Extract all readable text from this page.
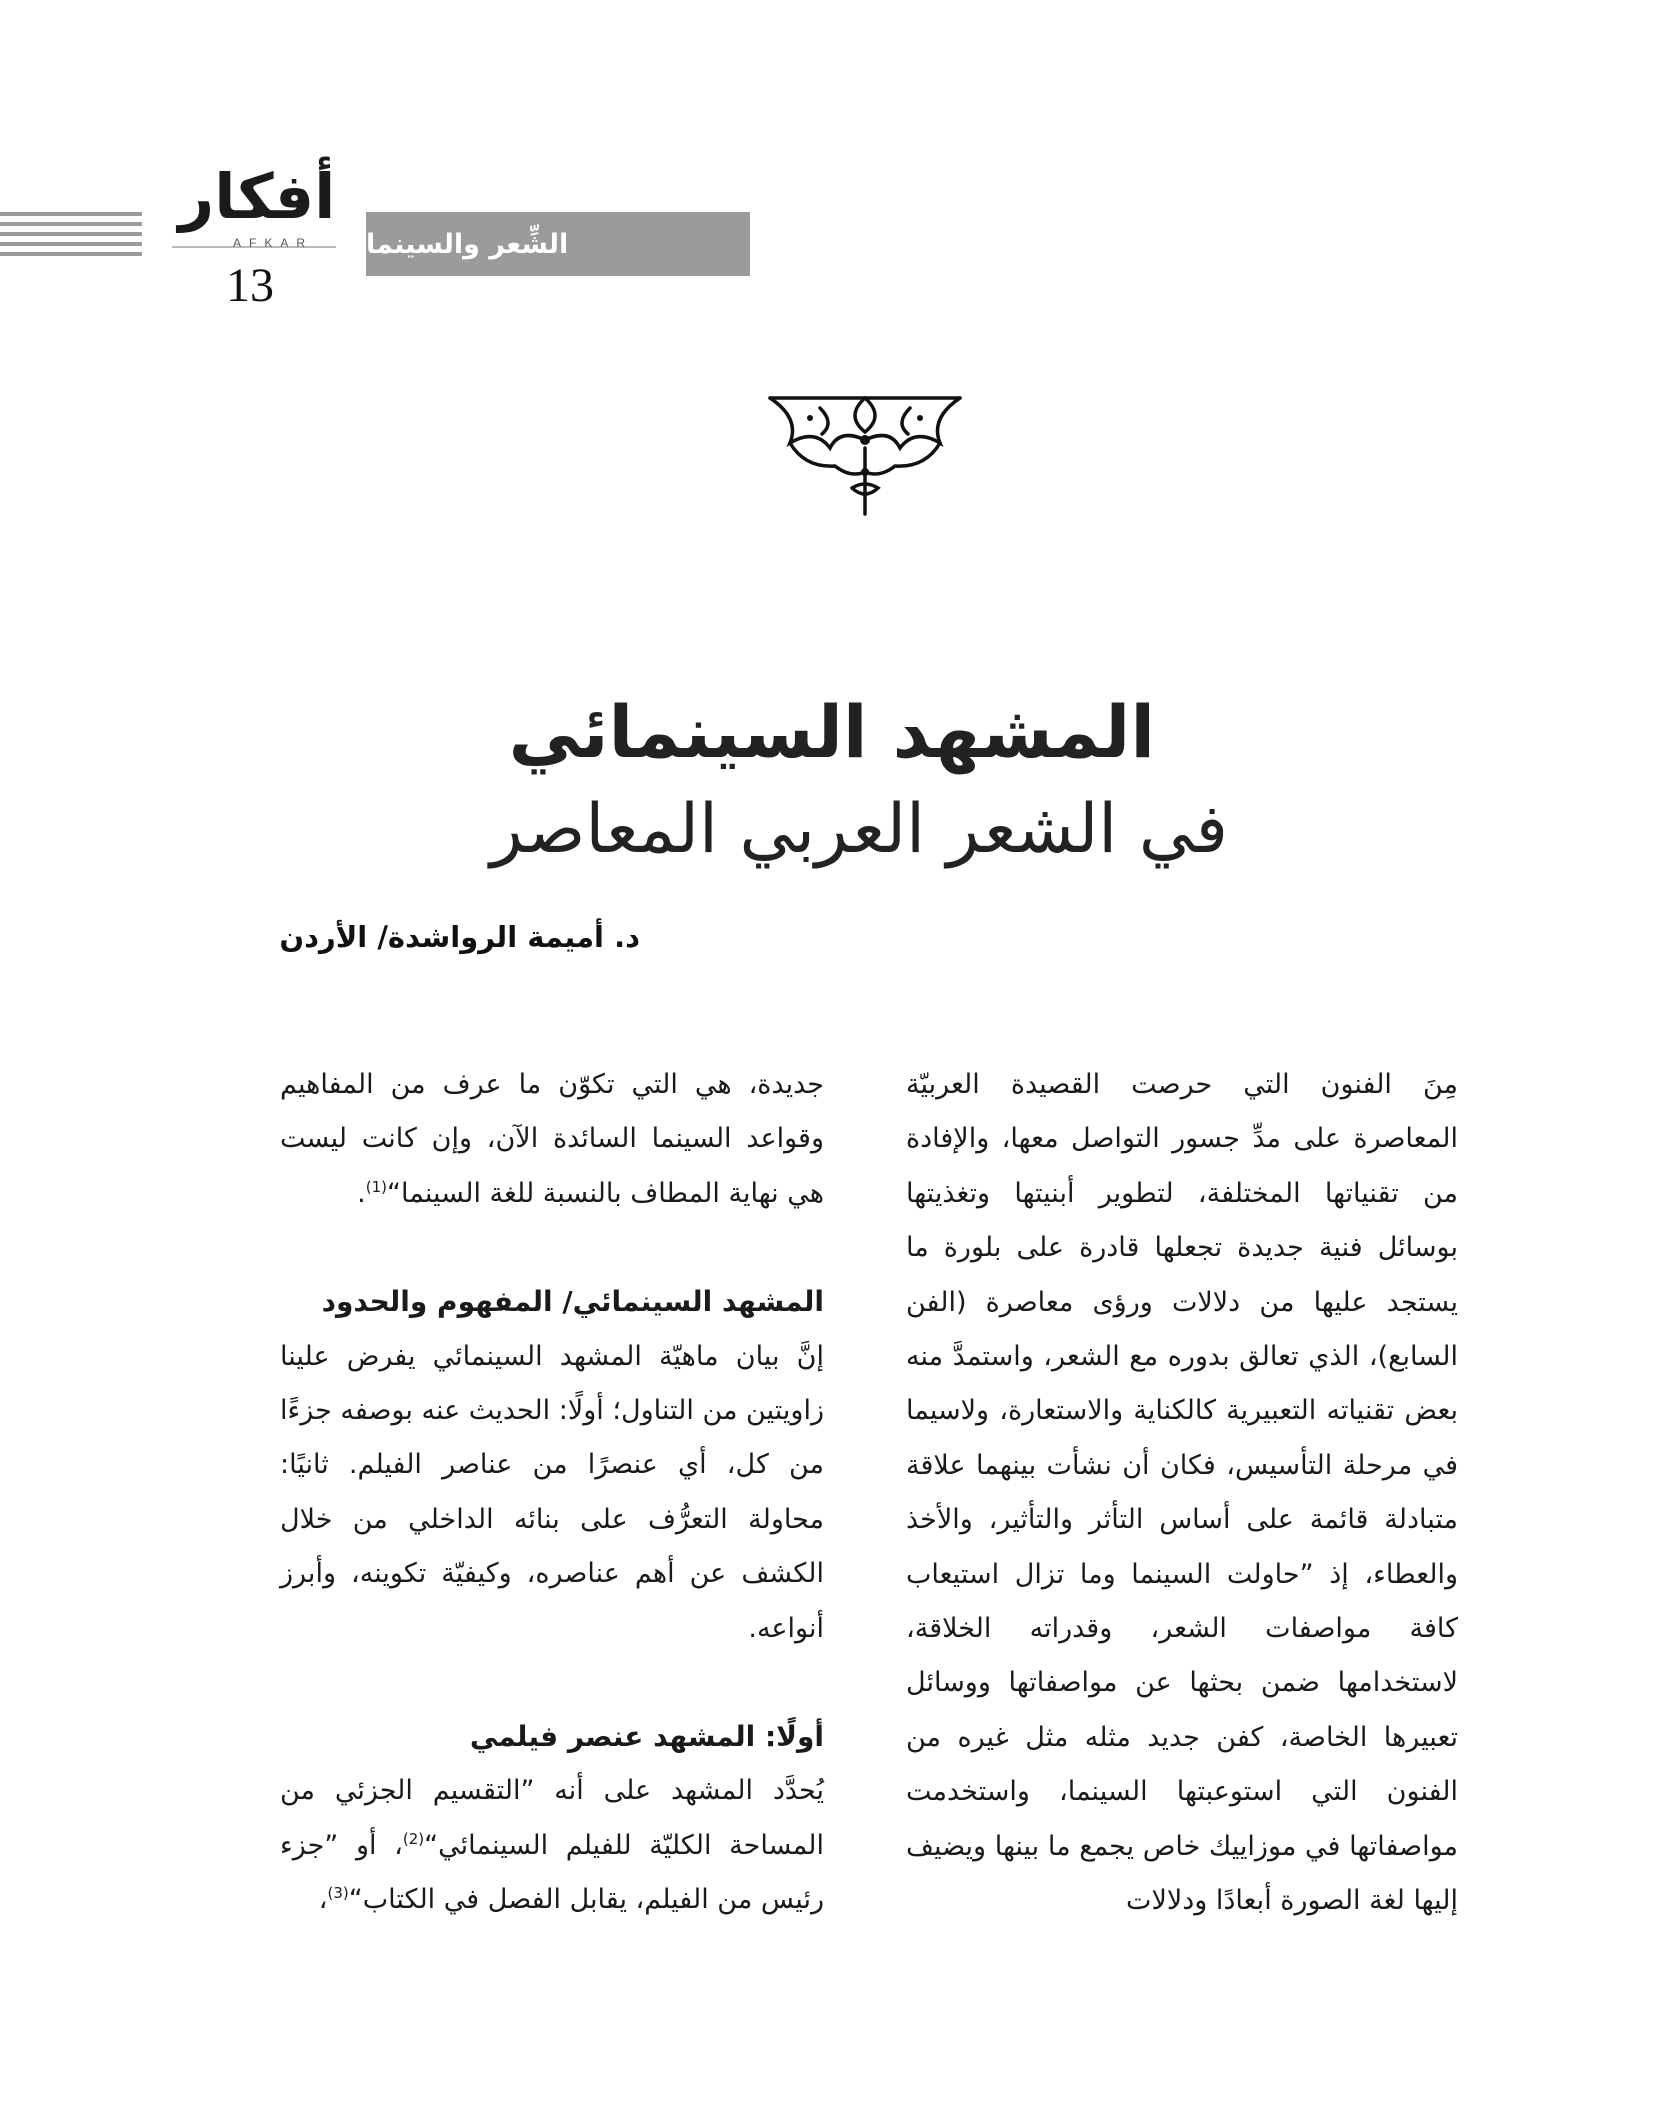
أفكار
AFKAR
13
الشِّعر والسينما
المشهد السينمائي
في الشعر العربي المعاصر
د. أميمة الرواشدة/ الأردن

مِنَ الفنون التي حرصت القصيدة العربيّة المعاصرة على مدِّ جسور التواصل معها، والإفادة من تقنياتها المختلفة، لتطوير أبنيتها وتغذيتها بوسائل فنية جديدة تجعلها قادرة على بلورة ما يستجد عليها من دلالات ورؤى معاصرة (الفن السابع)، الذي تعالق بدوره مع الشعر، واستمدَّ منه بعض تقنياته التعبيرية كالكناية والاستعارة، ولاسيما في مرحلة التأسيس، فكان أن نشأت بينهما علاقة متبادلة قائمة على أساس التأثر والتأثير، والأخذ والعطاء، إذ ”حاولت السينما وما تزال استيعاب كافة مواصفات الشعر، وقدراته الخلاقة، لاستخدامها ضمن بحثها عن مواصفاتها ووسائل تعبيرها الخاصة، كفن جديد مثله مثل غيره من الفنون التي استوعبتها السينما، واستخدمت مواصفاتها في موزاييك خاص يجمع ما بينها ويضيف إليها لغة الصورة أبعادًا ودلالات

جديدة، هي التي تكوّن ما عرف من المفاهيم وقواعد السينما السائدة الآن، وإن كانت ليست هي نهاية المطاف بالنسبة للغة السينما“$^{(1)}$.

المشهد السينمائي/ المفهوم والحدود

إنَّ بيان ماهيّة المشهد السينمائي يفرض علينا زاويتين من التناول؛ أولًا: الحديث عنه بوصفه جزءًا من كل، أي عنصرًا من عناصر الفيلم. ثانيًا: محاولة التعرُّف على بنائه الداخلي من خلال الكشف عن أهم عناصره، وكيفيّة تكوينه، وأبرز أنواعه.

أولًا: المشهد عنصر فيلمي

يُحدَّد المشهد على أنه ”التقسيم الجزئي من المساحة الكليّة للفيلم السينمائي“$^{(2)}$، أو ”جزء رئيس من الفيلم، يقابل الفصل في الكتاب“$^{(3)}$،
